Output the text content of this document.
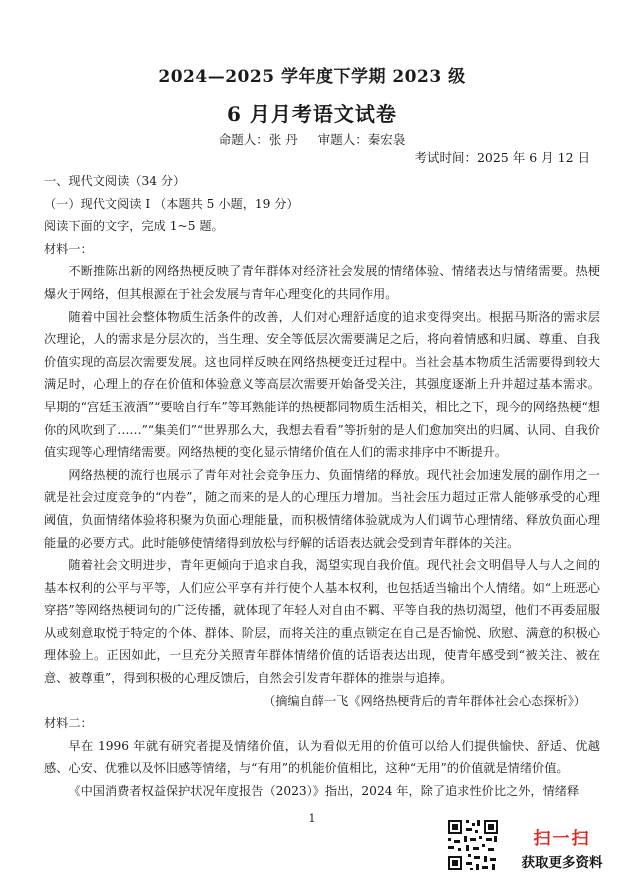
2024—2025 学年度下学期 2023 级
6 月月考语文试卷
命题人：张 丹 审题人：秦宏袅
考试时间：2025 年 6 月 12 日

一、现代文阅读（34 分）

（一）现代文阅读 I （本题共 5 小题，19 分）

阅读下面的文字，完成 1~5 题。

材料一：

不断推陈出新的网络热梗反映了青年群体对经济社会发展的情绪体验、情绪表达与情绪需要。热梗爆火于网络，但其根源在于社会发展与青年心理变化的共同作用。

随着中国社会整体物质生活条件的改善，人们对心理舒适度的追求变得突出。根据马斯洛的需求层次理论，人的需求是分层次的，当生理、安全等低层次需要满足之后，将向着情感和归属、尊重、自我价值实现的高层次需要发展。这也同样反映在网络热梗变迁过程中。当社会基本物质生活需要得到较大满足时，心理上的存在价值和体验意义等高层次需要开始备受关注，其强度逐渐上升并超过基本需求。早期的“宫廷玉液酒”“要啥自行车”等耳熟能详的热梗都同物质生活相关，相比之下，现今的网络热梗“想你的风吹到了……”“集美们”“世界那么大，我想去看看”等折射的是人们愈加突出的归属、认同、自我价值实现等心理情绪需要。网络热梗的变化显示情绪价值在人们的需求排序中不断提升。

网络热梗的流行也展示了青年对社会竞争压力、负面情绪的释放。现代社会加速发展的副作用之一就是社会过度竞争的“内卷”，随之而来的是人的心理压力增加。当社会压力超过正常人能够承受的心理阈值，负面情绪体验将积聚为负面心理能量，而积极情绪体验就成为人们调节心理情绪、释放负面心理能量的必要方式。此时能够使情绪得到放松与纾解的话语表达就会受到青年群体的关注。

随着社会文明进步，青年更倾向于追求自我，渴望实现自我价值。现代社会文明倡导人与人之间的基本权利的公平与平等，人们应公平享有并行使个人基本权利，也包括适当输出个人情绪。如“上班恶心穿搭”等网络热梗词句的广泛传播，就体现了年轻人对自由不羁、平等自我的热切渴望，他们不再委屈服从或刻意取悦于特定的个体、群体、阶层，而将关注的重点锁定在自己是否愉悦、欣慰、满意的积极心理体验上。正因如此，一旦充分关照青年群体情绪价值的话语表达出现，使青年感受到“被关注、被在意、被尊重”，得到积极的心理反馈后，自然会引发青年群体的推崇与追捧。

（摘编自薛一飞《网络热梗背后的青年群体社会心态探析》）

材料二：

早在 1996 年就有研究者提及情绪价值，认为看似无用的价值可以给人们提供愉快、舒适、优越感、心安、优雅以及怀旧感等情绪，与“有用”的机能价值相比，这种“无用”的价值就是情绪价值。

《中国消费者权益保护状况年度报告（2023）》指出，2024 年，除了追求性价比之外，情绪释

1
扫一扫
获取更多资料
